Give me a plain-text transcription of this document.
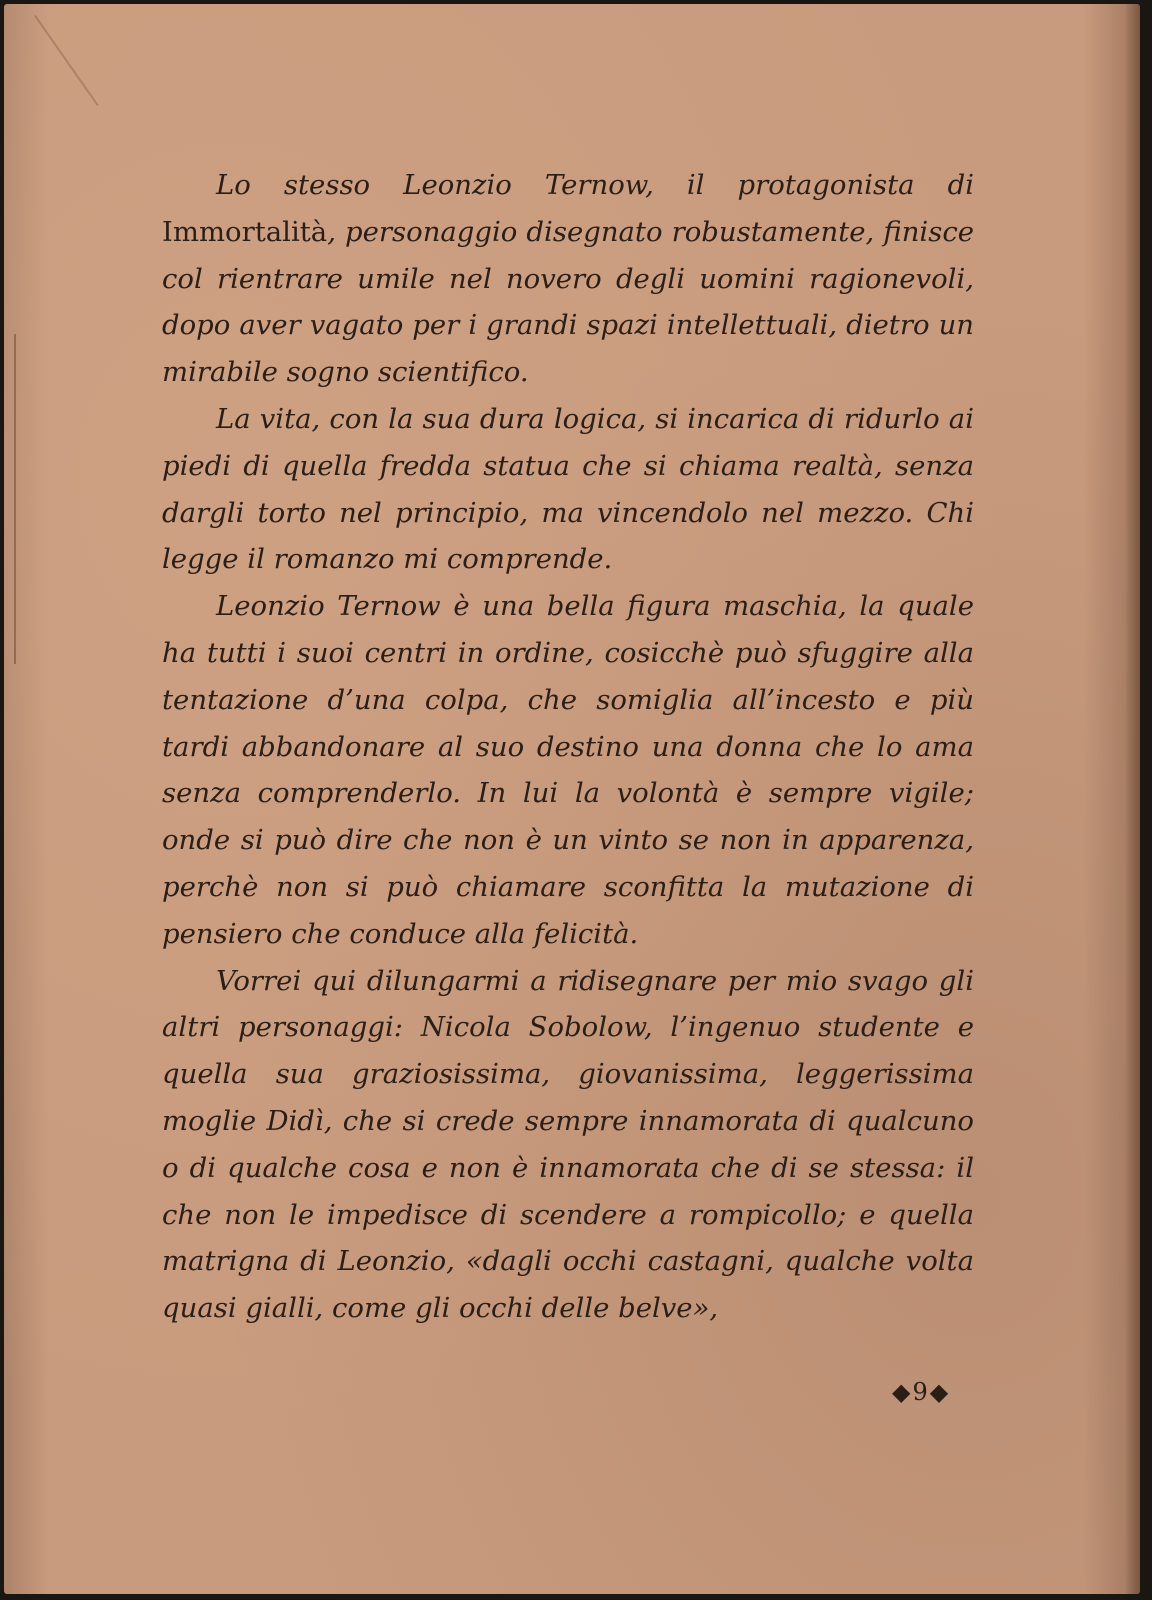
Lo stesso Leonzio Ternow, il protagonista di Immortalità, personaggio disegnato robustamente, finisce col rientrare umile nel novero degli uomini ragionevoli, dopo aver vagato per i grandi spazi intellettuali, dietro un mirabile sogno scientifico.

La vita, con la sua dura logica, si incarica di ridurlo ai piedi di quella fredda statua che si chiama realtà, senza dargli torto nel principio, ma vincendolo nel mezzo. Chi legge il romanzo mi comprende.

Leonzio Ternow è una bella figura maschia, la quale ha tutti i suoi centri in ordine, cosicchè può sfuggire alla tentazione d’una colpa, che somiglia all’incesto e più tardi abbandonare al suo destino una donna che lo ama senza comprenderlo. In lui la volontà è sempre vigile; onde si può dire che non è un vinto se non in apparenza, perchè non si può chiamare sconfitta la mutazione di pensiero che conduce alla felicità.

Vorrei qui dilungarmi a ridisegnare per mio svago gli altri personaggi: Nicola Sobolow, l’ingenuo studente e quella sua graziosissima, giovanissima, leggerissima moglie Didì, che si crede sempre innamorata di qualcuno o di qualche cosa e non è innamorata che di se stessa: il che non le impedisce di scendere a rompicollo; e quella matrigna di Leonzio, «dagli occhi castagni, qualche volta quasi gialli, come gli occhi delle belve»,

◆9◆
